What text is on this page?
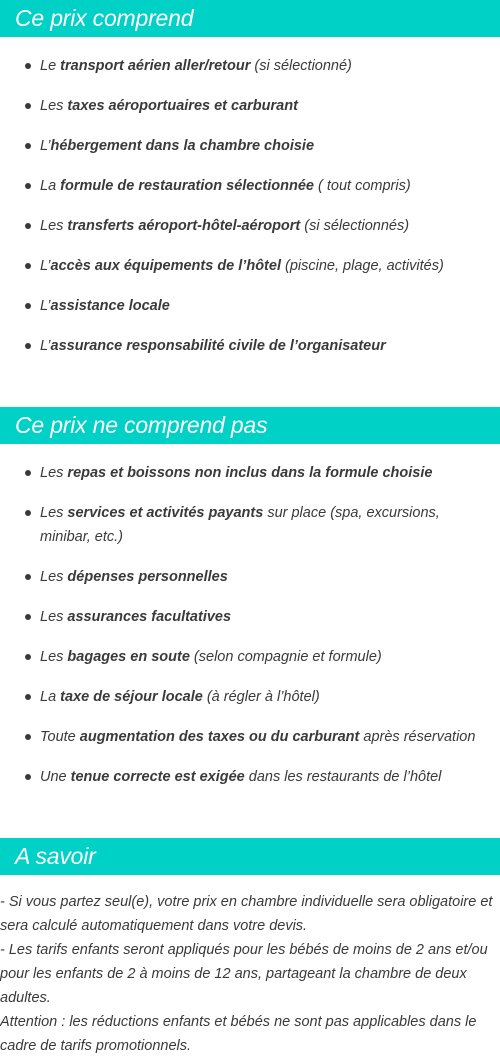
Ce prix comprend
Le transport aérien aller/retour (si sélectionné)
Les taxes aéroportuaires et carburant
L’hébergement dans la chambre choisie
La formule de restauration sélectionnée ( tout compris)
Les transferts aéroport-hôtel-aéroport (si sélectionnés)
L’accès aux équipements de l’hôtel (piscine, plage, activités)
L’assistance locale
L’assurance responsabilité civile de l’organisateur
Ce prix ne comprend pas
Les repas et boissons non inclus dans la formule choisie
Les services et activités payants sur place (spa, excursions, minibar, etc.)
Les dépenses personnelles
Les assurances facultatives
Les bagages en soute (selon compagnie et formule)
La taxe de séjour locale (à régler à l’hôtel)
Toute augmentation des taxes ou du carburant après réservation
Une tenue correcte est exigée dans les restaurants de l’hôtel
A savoir

- Si vous partez seul(e), votre prix en chambre individuelle sera obligatoire et sera calculé automatiquement dans votre devis.

- Les tarifs enfants seront appliqués pour les bébés de moins de 2 ans et/ou pour les enfants de 2 à moins de 12 ans, partageant la chambre de deux adultes.

Attention : les réductions enfants et bébés ne sont pas applicables dans le cadre de tarifs promotionnels.
